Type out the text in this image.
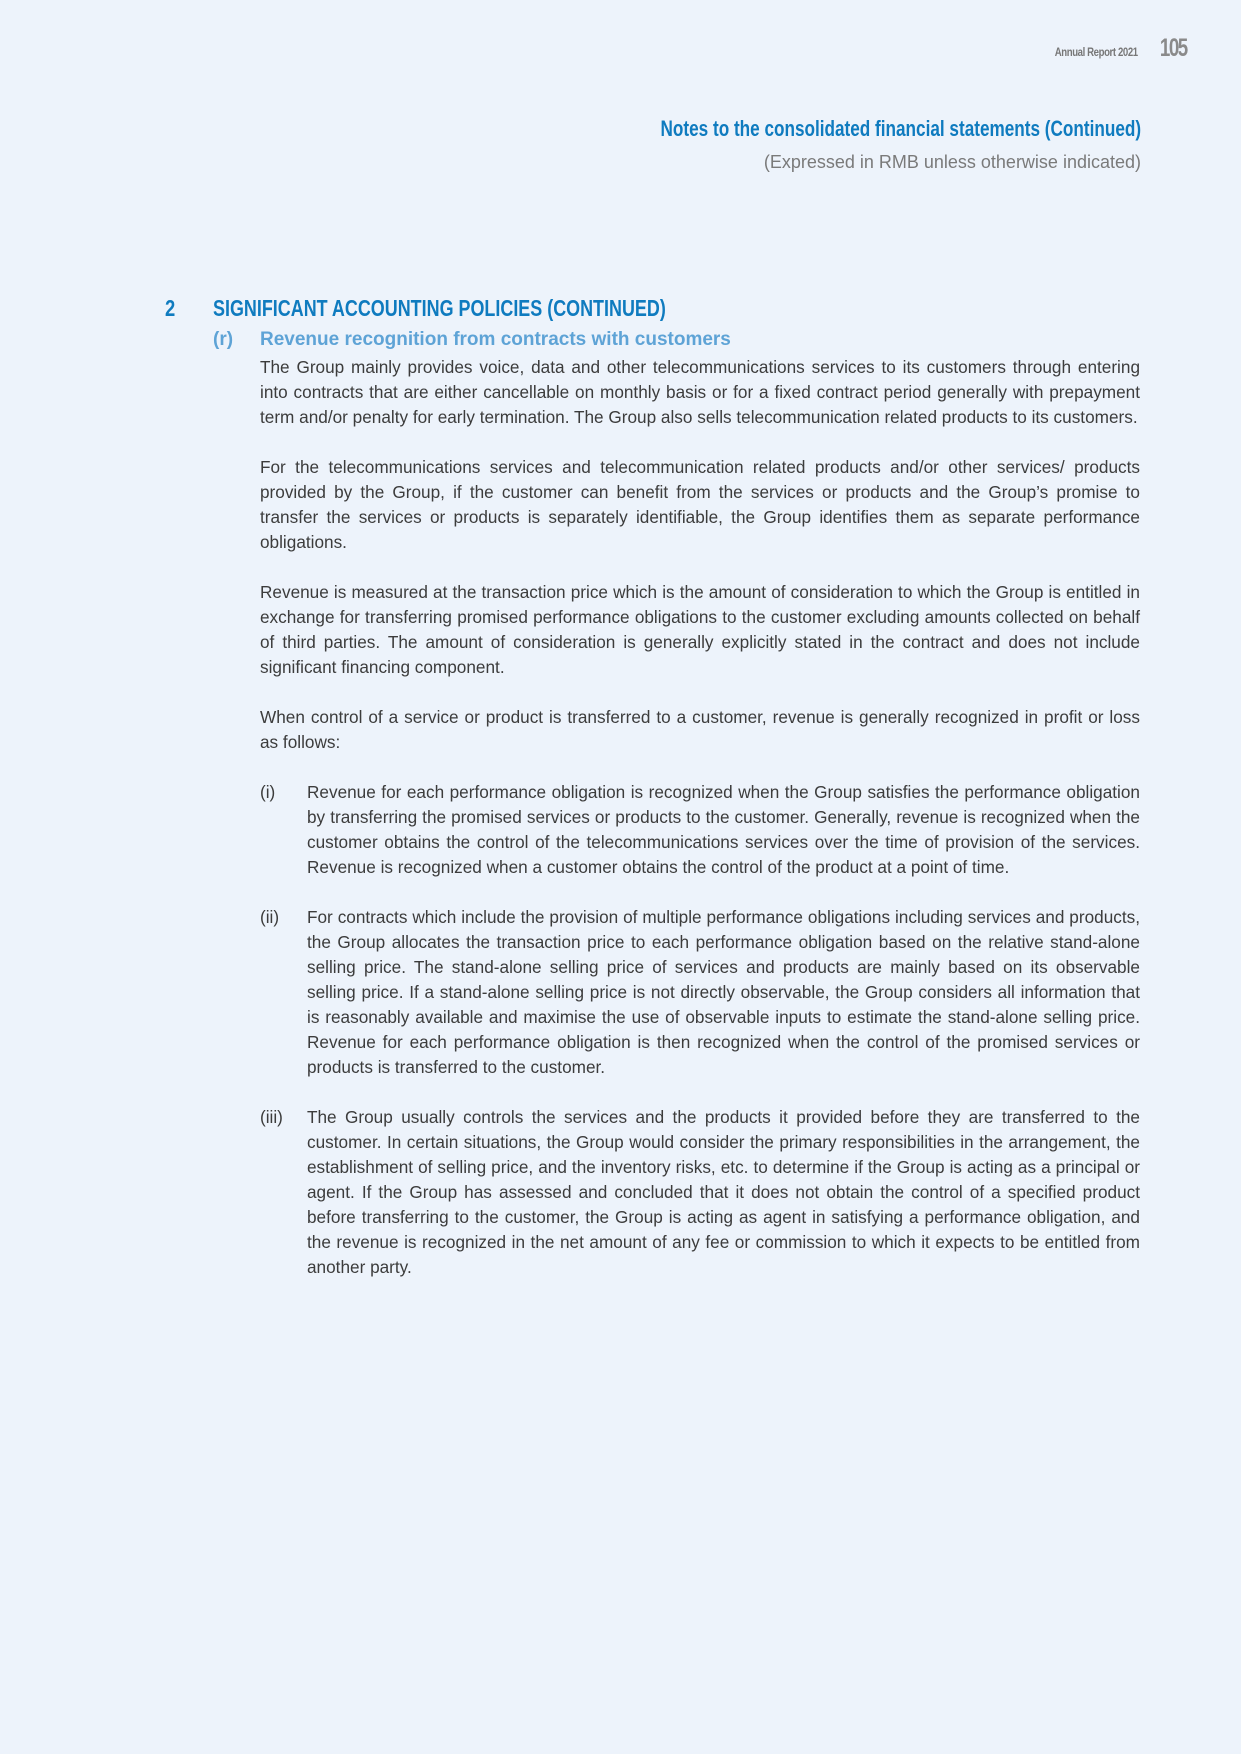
Annual Report 2021 105
Notes to the consolidated financial statements (Continued)
(Expressed in RMB unless otherwise indicated)
2 SIGNIFICANT ACCOUNTING POLICIES (CONTINUED)
(r) Revenue recognition from contracts with customers

The Group mainly provides voice, data and other telecommunications services to its customers through entering into contracts that are either cancellable on monthly basis or for a fixed contract period generally with prepayment term and/or penalty for early termination. The Group also sells telecommunication related products to its customers.

For the telecommunications services and telecommunication related products and/or other services/ products provided by the Group, if the customer can benefit from the services or products and the Group’s promise to transfer the services or products is separately identifiable, the Group identifies them as separate performance obligations.

Revenue is measured at the transaction price which is the amount of consideration to which the Group is entitled in exchange for transferring promised performance obligations to the customer excluding amounts collected on behalf of third parties. The amount of consideration is generally explicitly stated in the contract and does not include significant financing component.

When control of a service or product is transferred to a customer, revenue is generally recognized in profit or loss as follows:

(i)	Revenue for each performance obligation is recognized when the Group satisfies the performance obligation by transferring the promised services or products to the customer. Generally, revenue is recognized when the customer obtains the control of the telecommunications services over the time of provision of the services. Revenue is recognized when a customer obtains the control of the product at a point of time.
(ii)	For contracts which include the provision of multiple performance obligations including services and products, the Group allocates the transaction price to each performance obligation based on the relative stand-alone selling price. The stand-alone selling price of services and products are mainly based on its observable selling price. If a stand-alone selling price is not directly observable, the Group considers all information that is reasonably available and maximise the use of observable inputs to estimate the stand-alone selling price. Revenue for each performance obligation is then recognized when the control of the promised services or products is transferred to the customer.
(iii)	The Group usually controls the services and the products it provided before they are transferred to the customer. In certain situations, the Group would consider the primary responsibilities in the arrangement, the establishment of selling price, and the inventory risks, etc. to determine if the Group is acting as a principal or agent. If the Group has assessed and concluded that it does not obtain the control of a specified product before transferring to the customer, the Group is acting as agent in satisfying a performance obligation, and the revenue is recognized in the net amount of any fee or commission to which it expects to be entitled from another party.
